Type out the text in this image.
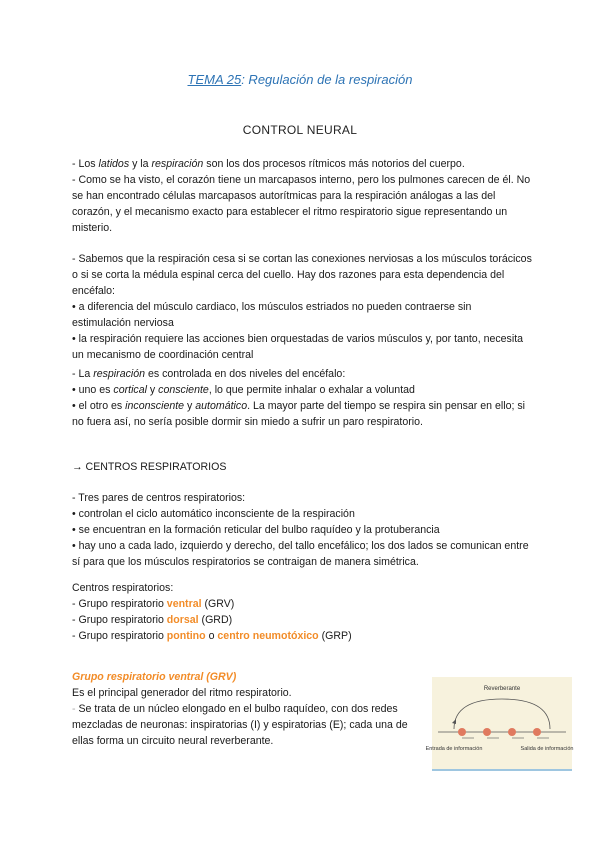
TEMA 25: Regulación de la respiración
CONTROL NEURAL

- Los latidos y la respiración son los dos procesos rítmicos más notorios del cuerpo.

- Como se ha visto, el corazón tiene un marcapasos interno, pero los pulmones carecen de él. No se han encontrado células marcapasos autorítmicas para la respiración análogas a las del corazón, y el mecanismo exacto para establecer el ritmo respiratorio sigue representando un misterio.

- Sabemos que la respiración cesa si se cortan las conexiones nerviosas a los músculos torácicos o si se corta la médula espinal cerca del cuello. Hay dos razones para esta dependencia del encéfalo:

• a diferencia del músculo cardiaco, los músculos estriados no pueden contraerse sin estimulación nerviosa

• la respiración requiere las acciones bien orquestadas de varios músculos y, por tanto, necesita un mecanismo de coordinación central

- La respiración es controlada en dos niveles del encéfalo:

• uno es cortical y consciente, lo que permite inhalar o exhalar a voluntad

• el otro es inconsciente y automático. La mayor parte del tiempo se respira sin pensar en ello; si no fuera así, no sería posible dormir sin miedo a sufrir un paro respiratorio.

→ CENTROS RESPIRATORIOS

- Tres pares de centros respiratorios:

• controlan el ciclo automático inconsciente de la respiración

• se encuentran en la formación reticular del bulbo raquídeo y la protuberancia

• hay uno a cada lado, izquierdo y derecho, del tallo encefálico; los dos lados se comunican entre sí para que los músculos respiratorios se contraigan de manera simétrica.

Centros respiratorios:

- Grupo respiratorio ventral (GRV)

- Grupo respiratorio dorsal (GRD)

- Grupo respiratorio pontino o centro neumotóxico (GRP)

Grupo respiratorio ventral (GRV)

Es el principal generador del ritmo respiratorio.

- Se trata de un núcleo elongado en el bulbo raquídeo, con dos redes mezcladas de neuronas: inspiratorias (I) y espiratorias (E); cada una de ellas forma un circuito neural reverberante.

Reverberante
Entrada de información	Salida de información
